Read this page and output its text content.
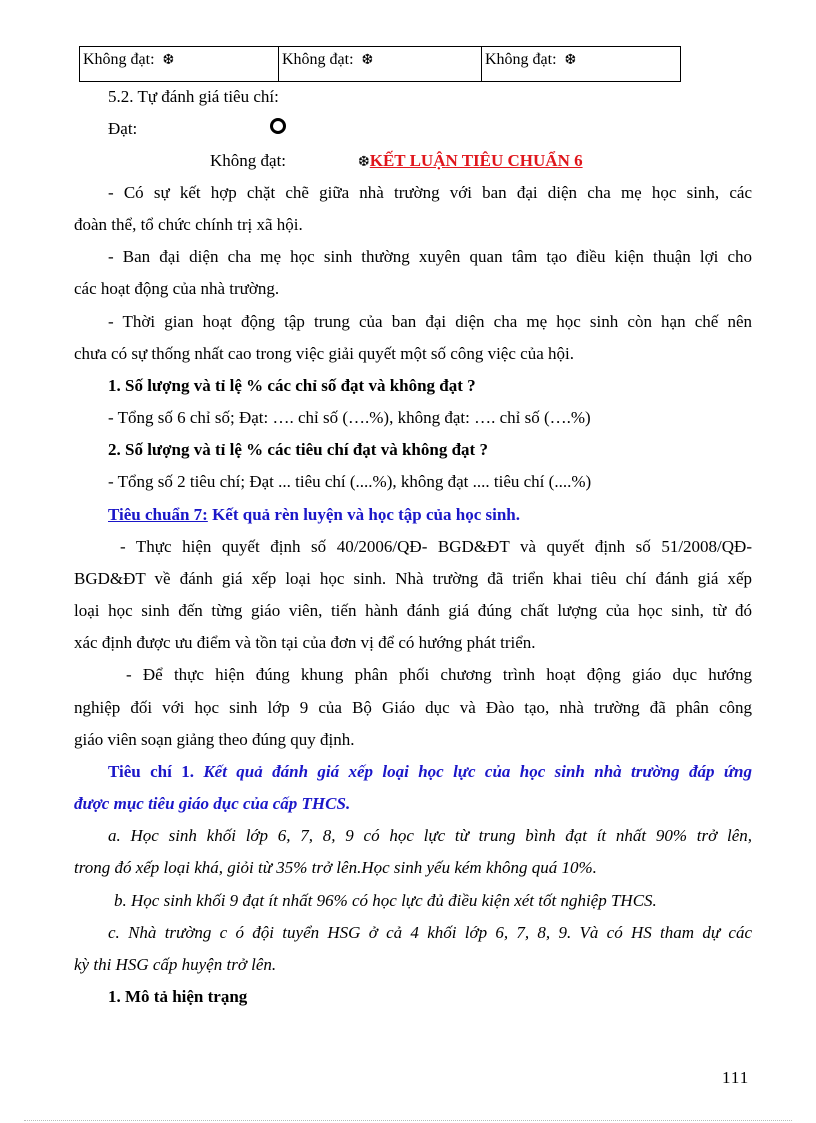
Không đạt: ❆	Không đạt: ❆	Không đạt: ❆
5.2. Tự đánh giá tiêu chí:
Đạt:
Không đạt:	❆KẾT LUẬN TIÊU CHUẨN 6
- Có sự kết hợp chặt chẽ giữa nhà trường với ban đại diện cha mẹ học sinh, các
đoàn thể, tổ chức chính trị xã hội.
- Ban đại diện cha mẹ học sinh thường xuyên quan tâm tạo điều kiện thuận lợi cho
các hoạt động của nhà trường.
- Thời gian hoạt động tập trung của ban đại diện cha mẹ học sinh còn hạn chế nên
chưa có sự thống nhất cao trong việc giải quyết một số công việc của hội.
1. Số lượng và tỉ lệ % các chỉ số đạt và không đạt ?
- Tổng số 6 chỉ số; Đạt: …. chỉ số (….%), không đạt: …. chỉ số (….%)
2. Số lượng và tỉ lệ % các tiêu chí đạt và không đạt ?
- Tổng số 2 tiêu chí; Đạt ... tiêu chí (....%), không đạt .... tiêu chí (....%)
Tiêu chuẩn 7: Kết quả rèn luyện và học tập của học sinh.
- Thực hiện quyết định số 40/2006/QĐ- BGD&ĐT và quyết định số 51/2008/QĐ-
BGD&ĐT về đánh giá xếp loại học sinh. Nhà trường đã triển khai tiêu chí đánh giá xếp
loại học sinh đến từng giáo viên, tiến hành đánh giá đúng chất lượng của học sinh, từ đó
xác định được ưu điểm và tồn tại của đơn vị để có hướng phát triển.
- Để thực hiện đúng khung phân phối chương trình hoạt động giáo dục hướng
nghiệp đối với học sinh lớp 9 của Bộ Giáo dục và Đào tạo, nhà trường đã phân công
giáo viên soạn giảng theo đúng quy định.
Tiêu chí 1. Kết quả đánh giá xếp loại học lực của học sinh nhà trường đáp ứng
được mục tiêu giáo dục của cấp THCS.
a. Học sinh khối lớp 6, 7, 8, 9 có học lực từ trung bình đạt ít nhất 90% trở lên,
trong đó xếp loại khá, giỏi từ 35% trở lên.Học sinh yếu kém không quá 10%.
b. Học sinh khối 9 đạt ít nhất 96% có học lực đủ điều kiện xét tốt nghiệp THCS.
c. Nhà trường c ó đội tuyển HSG ở cả 4 khối lớp 6, 7, 8, 9. Và có HS tham dự các
kỳ thi HSG cấp huyện trở lên.
1. Mô tả hiện trạng
111
